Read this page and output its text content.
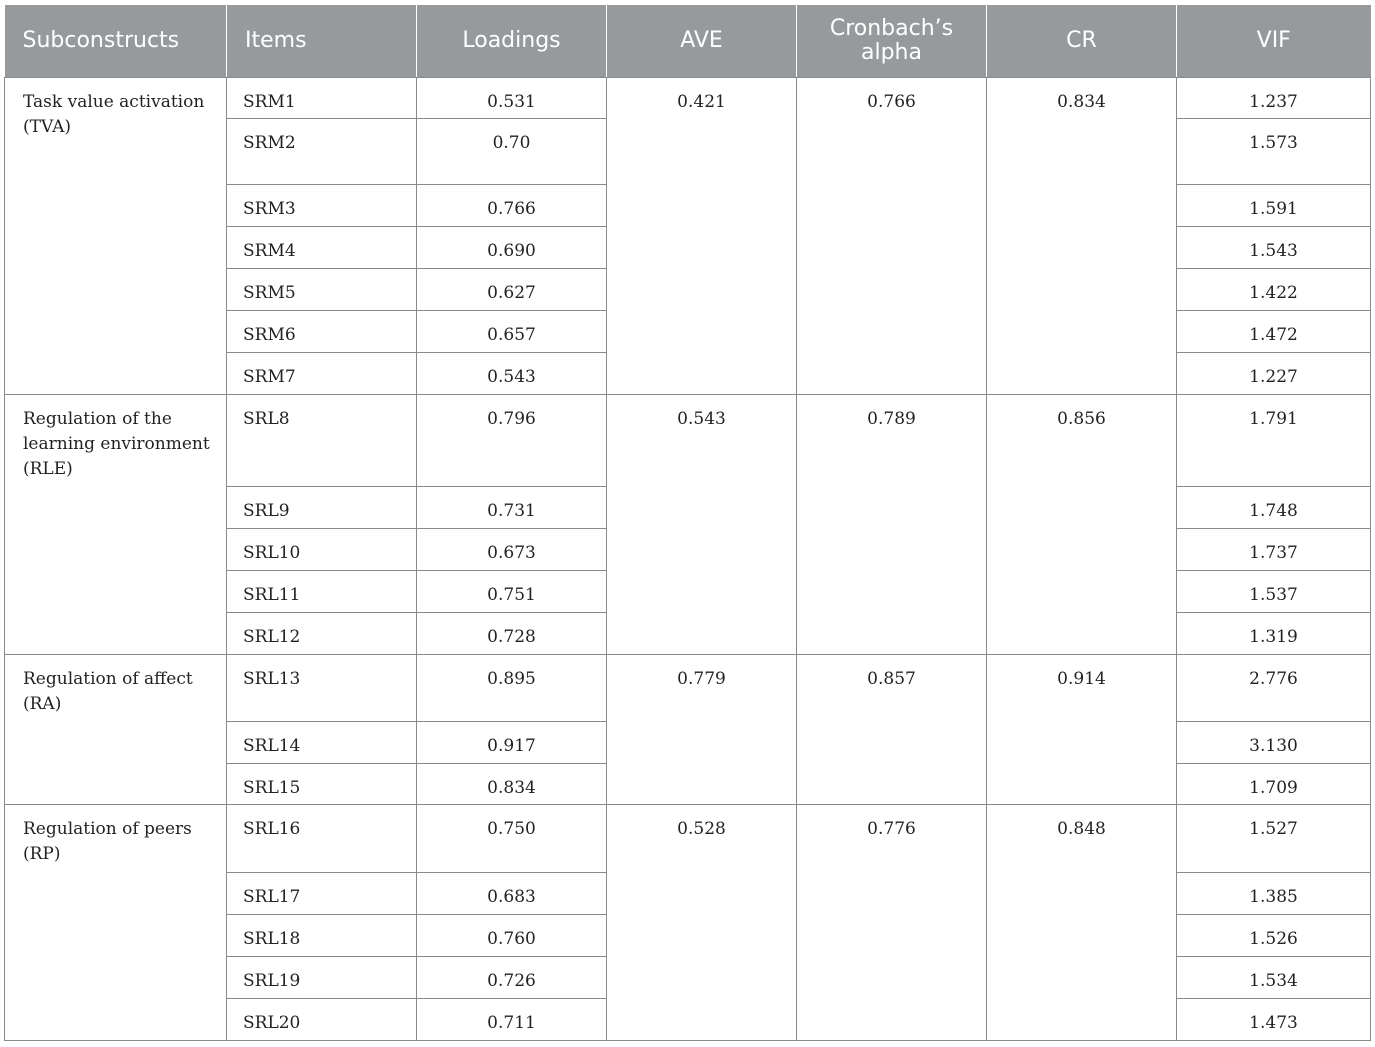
Subconstructs	Items	Loadings	AVE	Cronbach’s alpha	CR	VIF
Task value activation (TVA)	SRM1	0.531	0.421	0.766	0.834	1.237
	SRM2	0.70				1.573
	SRM3	0.766				1.591
	SRM4	0.690				1.543
	SRM5	0.627				1.422
	SRM6	0.657				1.472
	SRM7	0.543				1.227
Regulation of the learning environment (RLE)	SRL8	0.796	0.543	0.789	0.856	1.791
	SRL9	0.731				1.748
	SRL10	0.673				1.737
	SRL11	0.751				1.537
	SRL12	0.728				1.319
Regulation of affect (RA)	SRL13	0.895	0.779	0.857	0.914	2.776
	SRL14	0.917				3.130
	SRL15	0.834				1.709
Regulation of peers (RP)	SRL16	0.750	0.528	0.776	0.848	1.527
	SRL17	0.683				1.385
	SRL18	0.760				1.526
	SRL19	0.726				1.534
	SRL20	0.711				1.473
